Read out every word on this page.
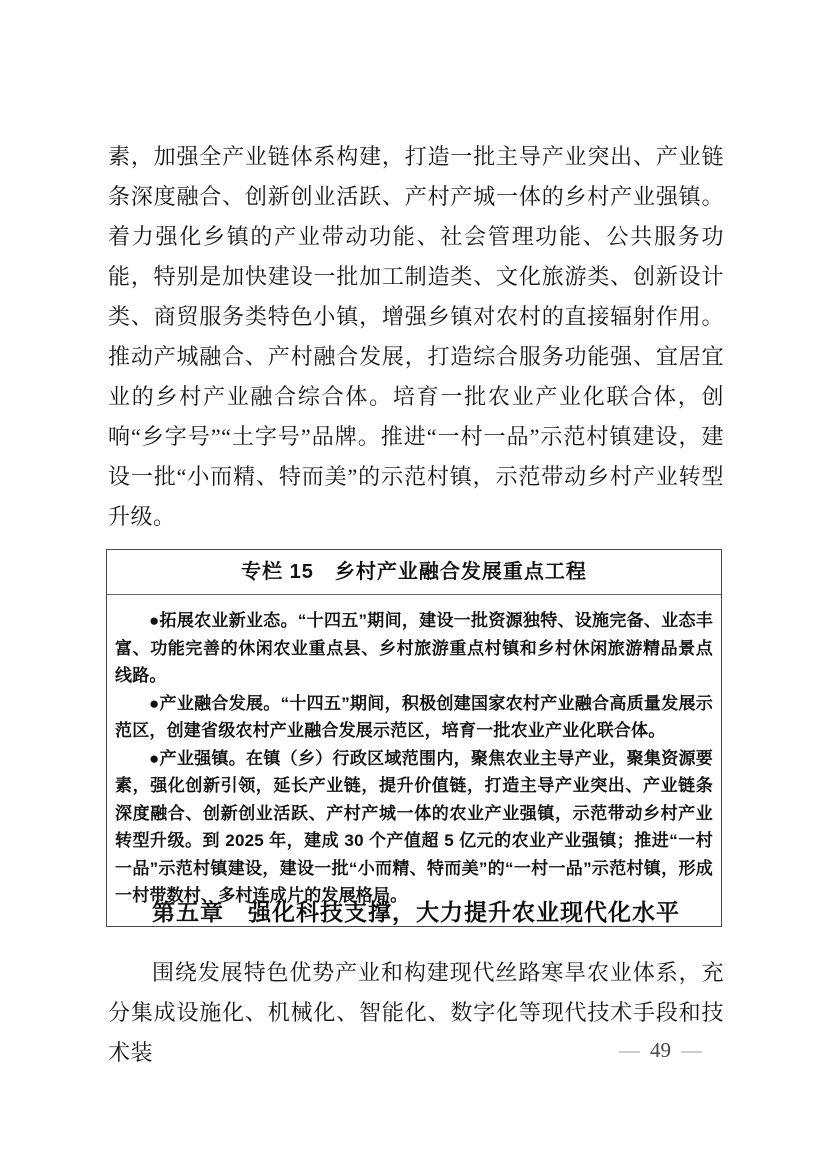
素，加强全产业链体系构建，打造一批主导产业突出、产业链条深度融合、创新创业活跃、产村产城一体的乡村产业强镇。着力强化乡镇的产业带动功能、社会管理功能、公共服务功能，特别是加快建设一批加工制造类、文化旅游类、创新设计类、商贸服务类特色小镇，增强乡镇对农村的直接辐射作用。推动产城融合、产村融合发展，打造综合服务功能强、宜居宜业的乡村产业融合综合体。培育一批农业产业化联合体，创响“乡字号”“土字号”品牌。推进“一村一品”示范村镇建设，建设一批“小而精、特而美”的示范村镇，示范带动乡村产业转型升级。

专栏 15　乡村产业融合发展重点工程

●拓展农业新业态。“十四五”期间，建设一批资源独特、设施完备、业态丰富、功能完善的休闲农业重点县、乡村旅游重点村镇和乡村休闲旅游精品景点线路。

●产业融合发展。“十四五”期间，积极创建国家农村产业融合高质量发展示范区，创建省级农村产业融合发展示范区，培育一批农业产业化联合体。

●产业强镇。在镇（乡）行政区域范围内，聚焦农业主导产业，聚集资源要素，强化创新引领，延长产业链，提升价值链，打造主导产业突出、产业链条深度融合、创新创业活跃、产村产城一体的农业产业强镇，示范带动乡村产业转型升级。到 2025 年，建成 30 个产值超 5 亿元的农业产业强镇；推进“一村一品”示范村镇建设，建设一批“小而精、特而美”的“一村一品”示范村镇，形成一村带数村、多村连成片的发展格局。

第五章　强化科技支撑，大力提升农业现代化水平

围绕发展特色优势产业和构建现代丝路寒旱农业体系，充分集成设施化、机械化、智能化、数字化等现代技术手段和技术装	— 49 —
